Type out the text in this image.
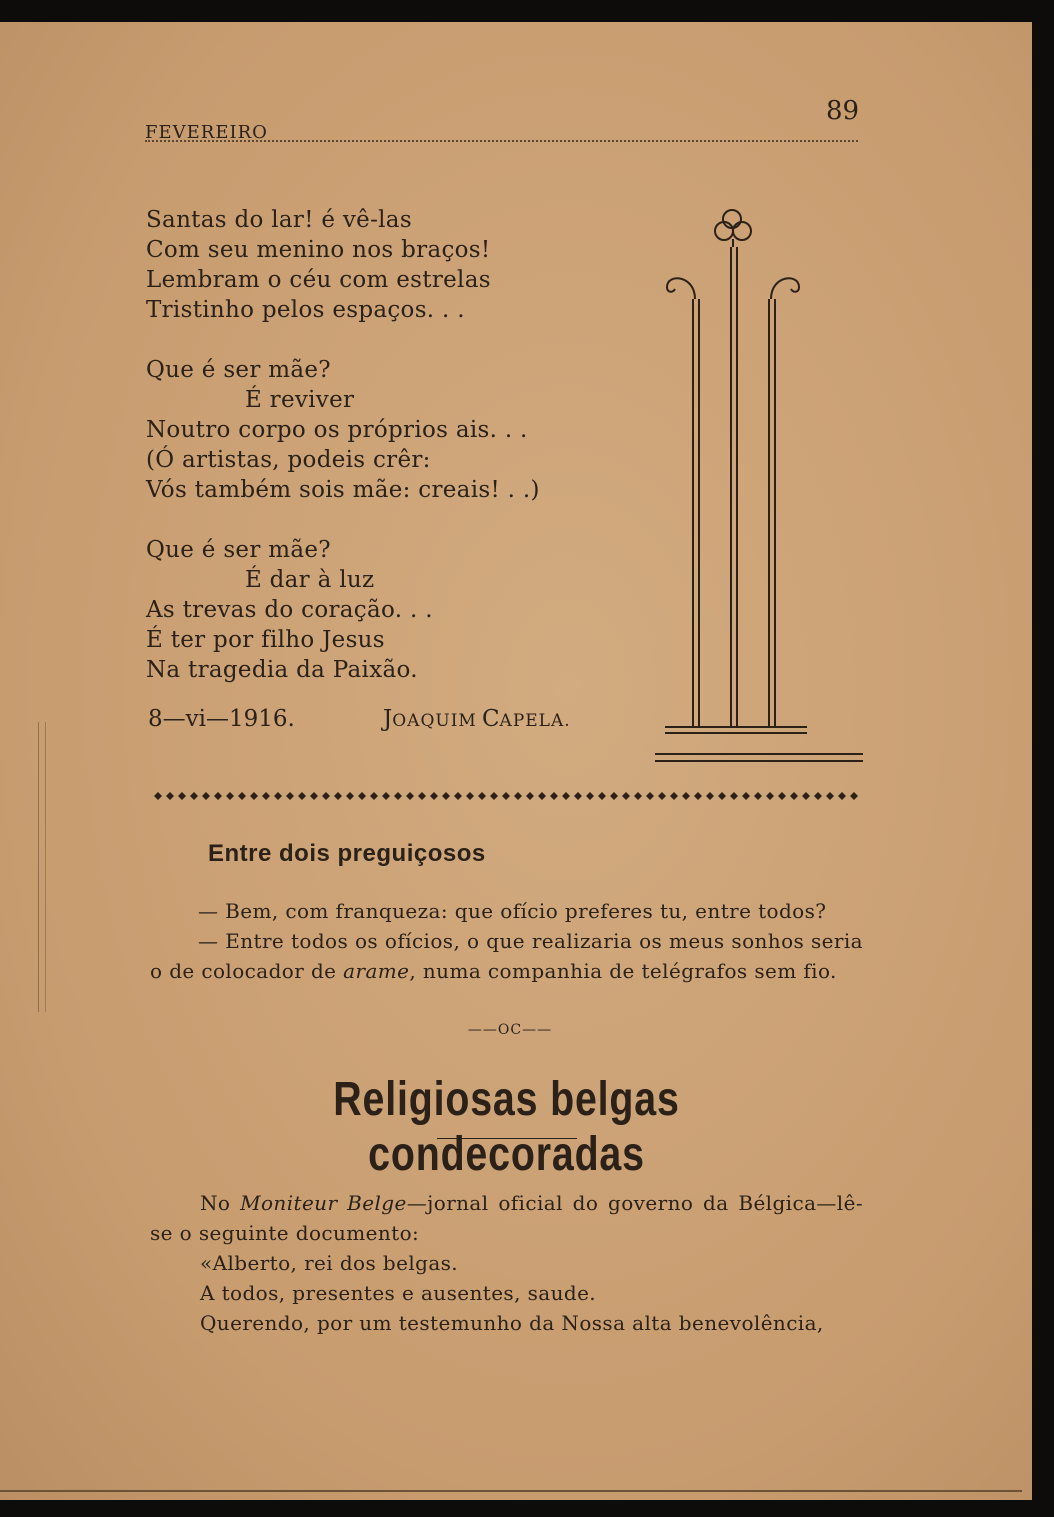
FEVEREIRO
89
Santas do lar! é vê-las
Com seu menino nos braços!
Lembram o céu com estrelas
Tristinho pelos espaços. . .
Que é ser mãe?
É reviver
Noutro corpo os próprios ais. . .
(Ó artistas, podeis crêr:
Vós também sois mãe: creais! . .)
Que é ser mãe?
É dar à luz
As trevas do coração. . .
É ter por filho Jesus
Na tragedia da Paixão.
8—vi—1916.	JOAQUIM CAPELA.
Entre dois preguiçosos
— Bem, com franqueza: que ofício preferes tu, entre todos?
— Entre todos os ofícios, o que realizaria os meus sonhos seria o de colocador de arame, numa companhia de telégrafos sem fio.
——OC——
Religiosas belgas condecoradas
No Moniteur Belge—jornal oficial do governo da Bélgica—lê-se o seguinte documento:
«Alberto, rei dos belgas.
A todos, presentes e ausentes, saude.
Querendo, por um testemunho da Nossa alta benevolência,
